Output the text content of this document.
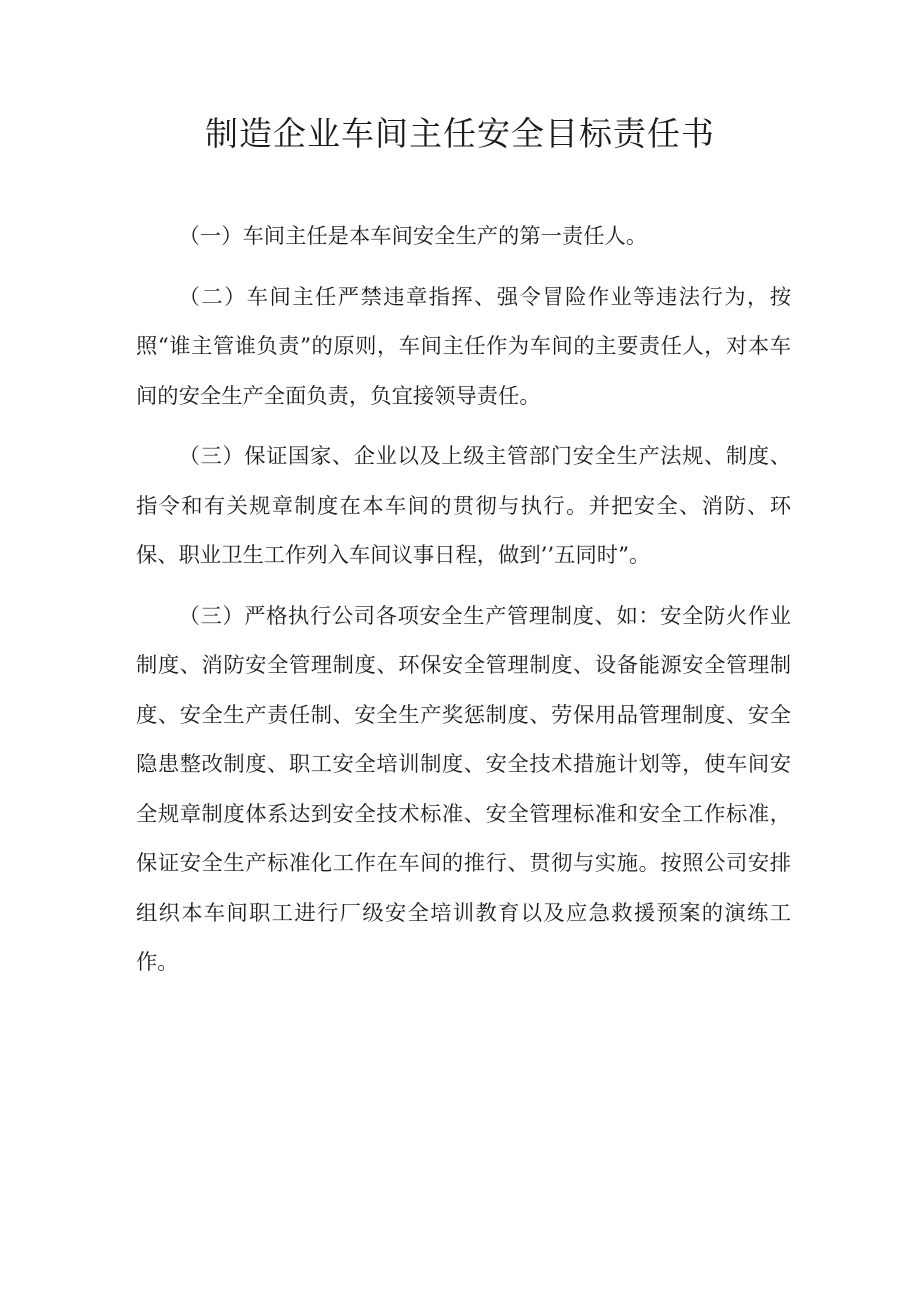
制造企业车间主任安全目标责任书

（一）车间主任是本车间安全生产的第一责任人。

（二）车间主任严禁违章指挥、强令冒险作业等违法行为，按照“谁主管谁负责”的原则，车间主任作为车间的主要责任人，对本车间的安全生产全面负责，负宜接领导责任。

（三）保证国家、企业以及上级主管部门安全生产法规、制度、指令和有关规章制度在本车间的贯彻与执行。并把安全、消防、环保、职业卫生工作列入车间议事日程，做到’’五同时”。

（三）严格执行公司各项安全生产管理制度、如：安全防火作业制度、消防安全管理制度、环保安全管理制度、设备能源安全管理制度、安全生产责任制、安全生产奖惩制度、劳保用品管理制度、安全隐患整改制度、职工安全培训制度、安全技术措施计划等，使车间安全规章制度体系达到安全技术标准、安全管理标准和安全工作标准，保证安全生产标准化工作在车间的推行、贯彻与实施。按照公司安排组织本车间职工进行厂级安全培训教育以及应急救援预案的演练工作。
